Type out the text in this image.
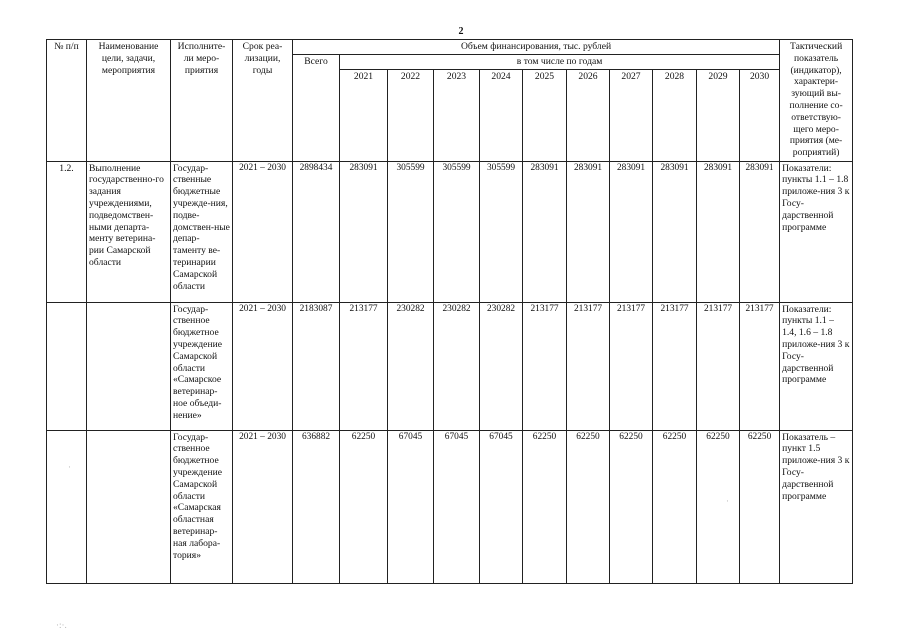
2
№ п/п	Наименование цели, задачи, мероприятия	Исполните-ли меро-приятия	Срок реа-лизации, годы	Объем финансирования, тыс. рублей											Тактический показатель (индикатор), характери-зующий вы-полнение со-ответствую-щего меро-приятия (ме-роприятий)
				Всего	в том числе по годам										
					2021	2022	2023	2024	2025	2026	2027	2028	2029	2030	
1.2.	Выполнение государственно-го задания учреждениями, подведомствен-ными департа-менту ветерина-рии Самарской области	Государ-ственные бюджетные учрежде-ния, подве-домствен-ные депар-таменту ве-теринарии Самарской области	2021 – 2030	2898434	283091	305599	305599	305599	283091	283091	283091	283091	283091	283091	Показатели: пункты 1.1 – 1.8 приложе-ния 3 к Госу-дарственной программе
		Государ-ственное бюджетное учреждение Самарской области «Самарское ветеринар-ное объеди-нение»	2021 – 2030	2183087	213177	230282	230282	230282	213177	213177	213177	213177	213177	213177	Показатели: пункты 1.1 – 1.4, 1.6 – 1.8 приложе-ния 3 к Госу-дарственной программе
		Государ-ственное бюджетное учреждение Самарской области «Самарская областная ветеринар-ная лабора-тория»	2021 – 2030	636882	62250	67045	67045	67045	62250	62250	62250	62250	62250	62250	Показатель – пункт 1.5 приложе-ния 3 к Госу-дарственной программе
·
·
·:·.
